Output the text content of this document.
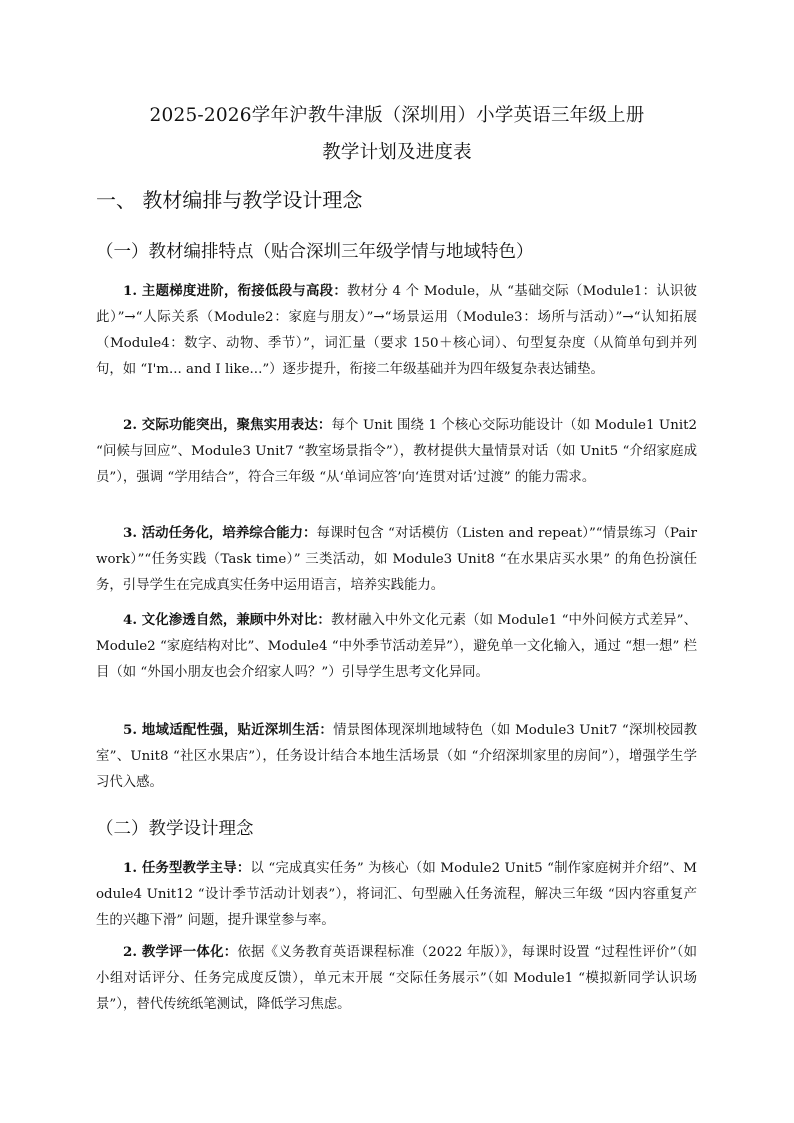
2025-2026学年沪教牛津版（深圳用）小学英语三年级上册
教学计划及进度表
一、 教材编排与教学设计理念
（一）教材编排特点（贴合深圳三年级学情与地域特色）

1. 主题梯度进阶，衔接低段与高段：教材分 4 个 Module，从 “基础交际（Module1：认识彼此）”→“人际关系（Module2：家庭与朋友）”→“场景运用（Module3：场所与活动）”→“认知拓展（Module4：数字、动物、季节）”，词汇量（要求 150＋核心词）、句型复杂度（从简单句到并列句，如 “I'm... and I like...”）逐步提升，衔接二年级基础并为四年级复杂表达铺垫。

2. 交际功能突出，聚焦实用表达：每个 Unit 围绕 1 个核心交际功能设计（如 Module1 Unit2 “问候与回应”、Module3 Unit7 “教室场景指令”），教材提供大量情景对话（如 Unit5 “介绍家庭成员”），强调 “学用结合”，符合三年级 “从‘单词应答’向‘连贯对话’过渡” 的能力需求。

3. 活动任务化，培养综合能力：每课时包含 “对话模仿（Listen and repeat）”“情景练习（Pair work）”“任务实践（Task time）” 三类活动，如 Module3 Unit8 “在水果店买水果” 的角色扮演任务，引导学生在完成真实任务中运用语言，培养实践能力。

4. 文化渗透自然，兼顾中外对比：教材融入中外文化元素（如 Module1 “中外问候方式差异”、Module2 “家庭结构对比”、Module4 “中外季节活动差异”），避免单一文化输入，通过 “想一想” 栏目（如 “外国小朋友也会介绍家人吗？”）引导学生思考文化异同。

5. 地域适配性强，贴近深圳生活：情景图体现深圳地域特色（如 Module3 Unit7 “深圳校园教室”、Unit8 “社区水果店”），任务设计结合本地生活场景（如 “介绍深圳家里的房间”），增强学生学习代入感。

（二）教学设计理念

1. 任务型教学主导：以 “完成真实任务” 为核心（如 Module2 Unit5 “制作家庭树并介绍”、Module4 Unit12 “设计季节活动计划表”），将词汇、句型融入任务流程，解决三年级 “因内容重复产生的兴趣下滑” 问题，提升课堂参与率。

2. 教学评一体化：依据《义务教育英语课程标准（2022 年版）》，每课时设置 “过程性评价”（如小组对话评分、任务完成度反馈），单元末开展 “交际任务展示”（如 Module1 “模拟新同学认识场景”），替代传统纸笔测试，降低学习焦虑。
